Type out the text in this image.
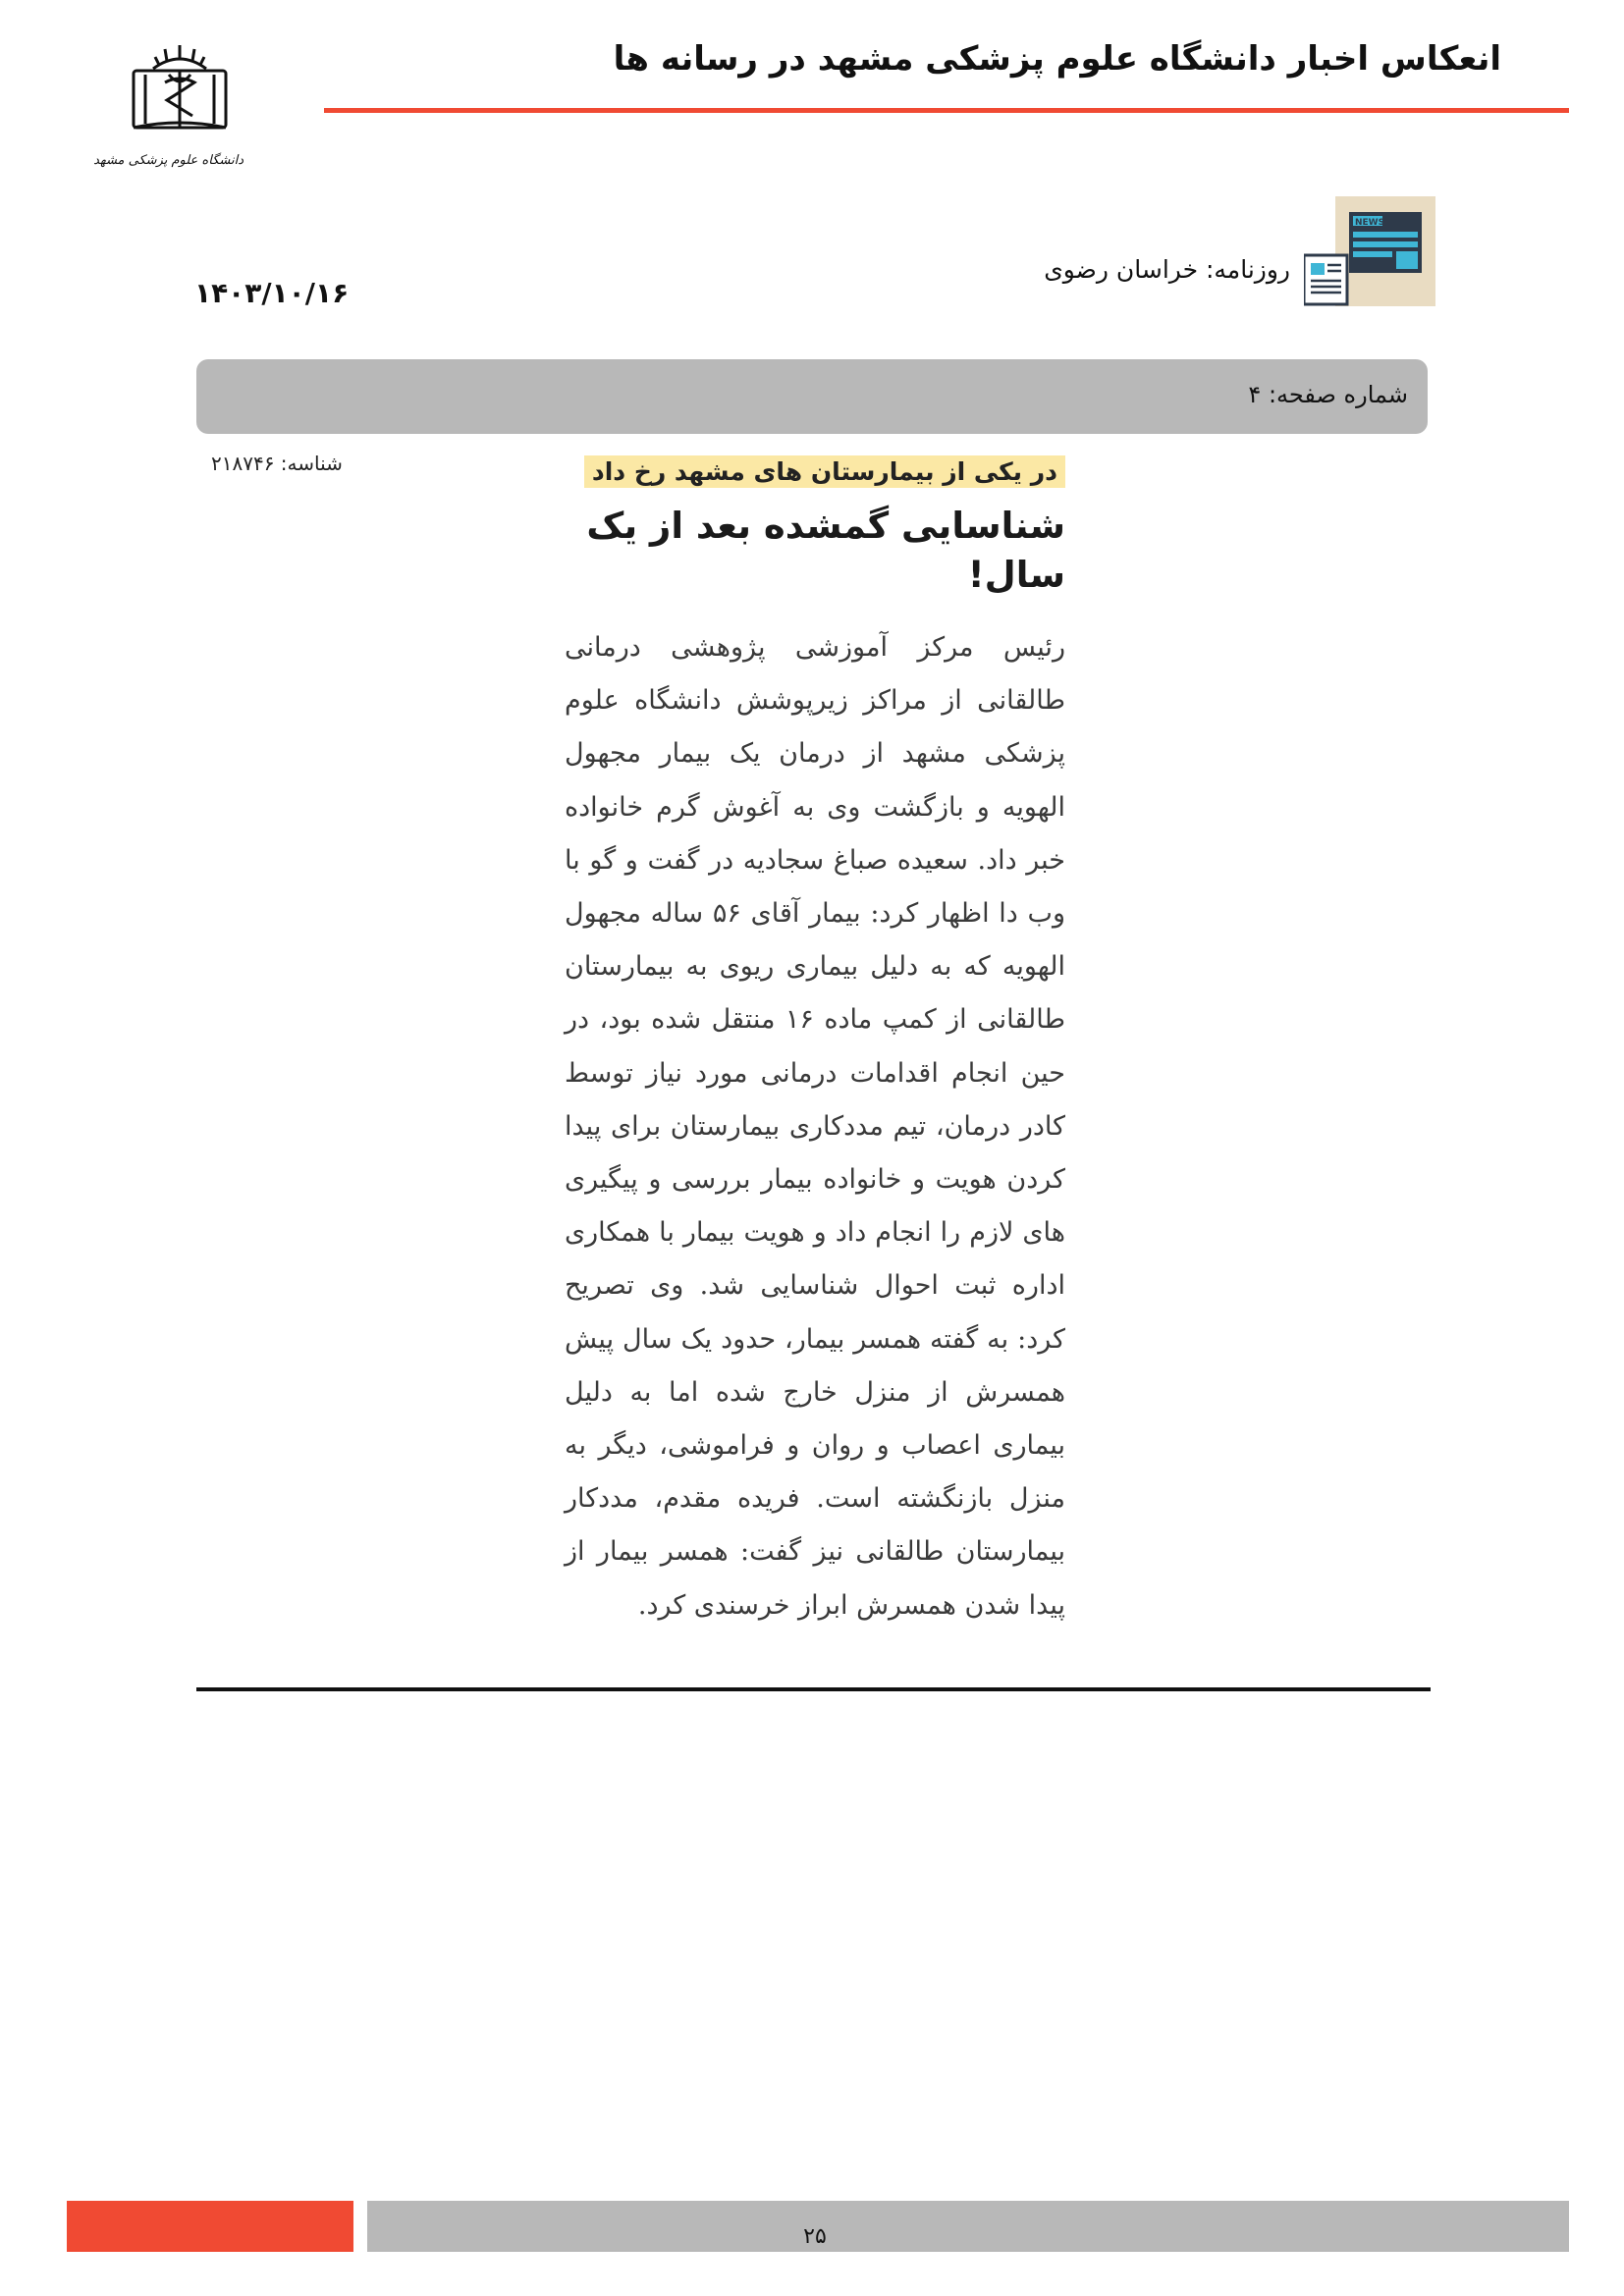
انعکاس اخبار دانشگاه علوم پزشکی مشهد در رسانه ها
دانشگاه علوم پزشکی مشهد
NEWS
روزنامه: خراسان رضوی
۱۴۰۳/۱۰/۱۶
شماره صفحه: ۴
شناسه: ۲۱۸۷۴۶	در یکی از بیمارستان های مشهد رخ داد
شناسایی گمشده بعد از یک سال!
رئیس مرکز آموزشی پژوهشی درمانی طالقانی از مراکز زیرپوشش دانشگاه علوم پزشکی مشهد از درمان یک بیمار مجهول الهویه و بازگشت وی به آغوش گرم خانواده خبر داد. سعیده صباغ سجادیه در گفت و گو با وب دا اظهار کرد: بیمار آقای ۵۶ ساله مجهول الهویه که به دلیل بیماری ریوی به بیمارستان طالقانی از کمپ ماده ۱۶ منتقل شده بود، در حین انجام اقدامات درمانی مورد نیاز توسط کادر درمان، تیم مددکاری بیمارستان برای پیدا کردن هویت و خانواده بیمار بررسی و پیگیری های لازم را انجام داد و هویت بیمار با همکاری اداره ثبت احوال شناسایی شد. وی تصریح کرد: به گفته همسر بیمار، حدود یک سال پیش همسرش از منزل خارج شده اما به دلیل بیماری اعصاب و روان و فراموشی، دیگر به منزل بازنگشته است. فریده مقدم، مددکار بیمارستان طالقانی نیز گفت: همسر بیمار از پیدا شدن همسرش ابراز خرسندی کرد.
۲۵
